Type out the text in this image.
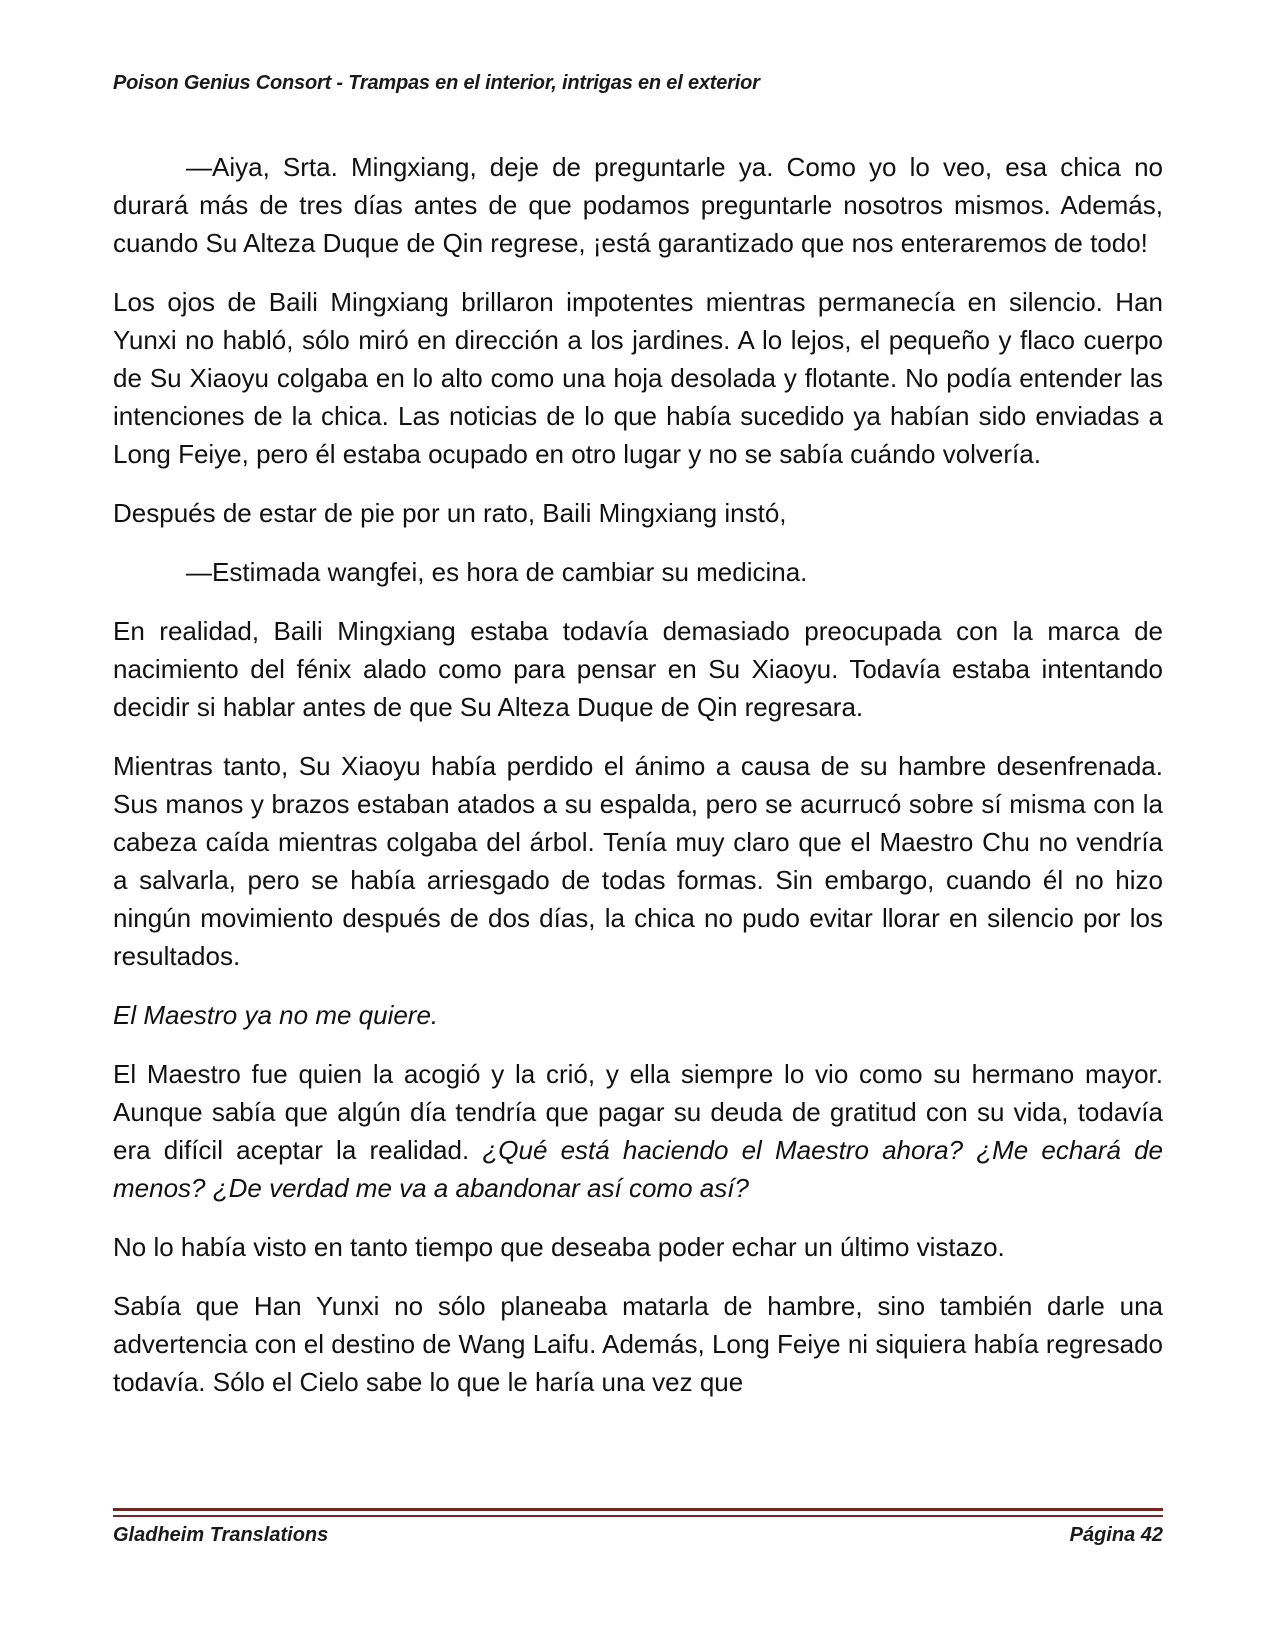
Poison Genius Consort - Trampas en el interior, intrigas en el exterior

—Aiya, Srta. Mingxiang, deje de preguntarle ya. Como yo lo veo, esa chica no durará más de tres días antes de que podamos preguntarle nosotros mismos. Además, cuando Su Alteza Duque de Qin regrese, ¡está garantizado que nos enteraremos de todo!

Los ojos de Baili Mingxiang brillaron impotentes mientras permanecía en silencio. Han Yunxi no habló, sólo miró en dirección a los jardines. A lo lejos, el pequeño y flaco cuerpo de Su Xiaoyu colgaba en lo alto como una hoja desolada y flotante. No podía entender las intenciones de la chica. Las noticias de lo que había sucedido ya habían sido enviadas a Long Feiye, pero él estaba ocupado en otro lugar y no se sabía cuándo volvería.

Después de estar de pie por un rato, Baili Mingxiang instó,

—Estimada wangfei, es hora de cambiar su medicina.

En realidad, Baili Mingxiang estaba todavía demasiado preocupada con la marca de nacimiento del fénix alado como para pensar en Su Xiaoyu. Todavía estaba intentando decidir si hablar antes de que Su Alteza Duque de Qin regresara.

Mientras tanto, Su Xiaoyu había perdido el ánimo a causa de su hambre desenfrenada. Sus manos y brazos estaban atados a su espalda, pero se acurrucó sobre sí misma con la cabeza caída mientras colgaba del árbol. Tenía muy claro que el Maestro Chu no vendría a salvarla, pero se había arriesgado de todas formas. Sin embargo, cuando él no hizo ningún movimiento después de dos días, la chica no pudo evitar llorar en silencio por los resultados.

El Maestro ya no me quiere.

El Maestro fue quien la acogió y la crió, y ella siempre lo vio como su hermano mayor. Aunque sabía que algún día tendría que pagar su deuda de gratitud con su vida, todavía era difícil aceptar la realidad. ¿Qué está haciendo el Maestro ahora? ¿Me echará de menos? ¿De verdad me va a abandonar así como así?

No lo había visto en tanto tiempo que deseaba poder echar un último vistazo.

Sabía que Han Yunxi no sólo planeaba matarla de hambre, sino también darle una advertencia con el destino de Wang Laifu. Además, Long Feiye ni siquiera había regresado todavía. Sólo el Cielo sabe lo que le haría una vez que

Gladheim Translations	Página 42
